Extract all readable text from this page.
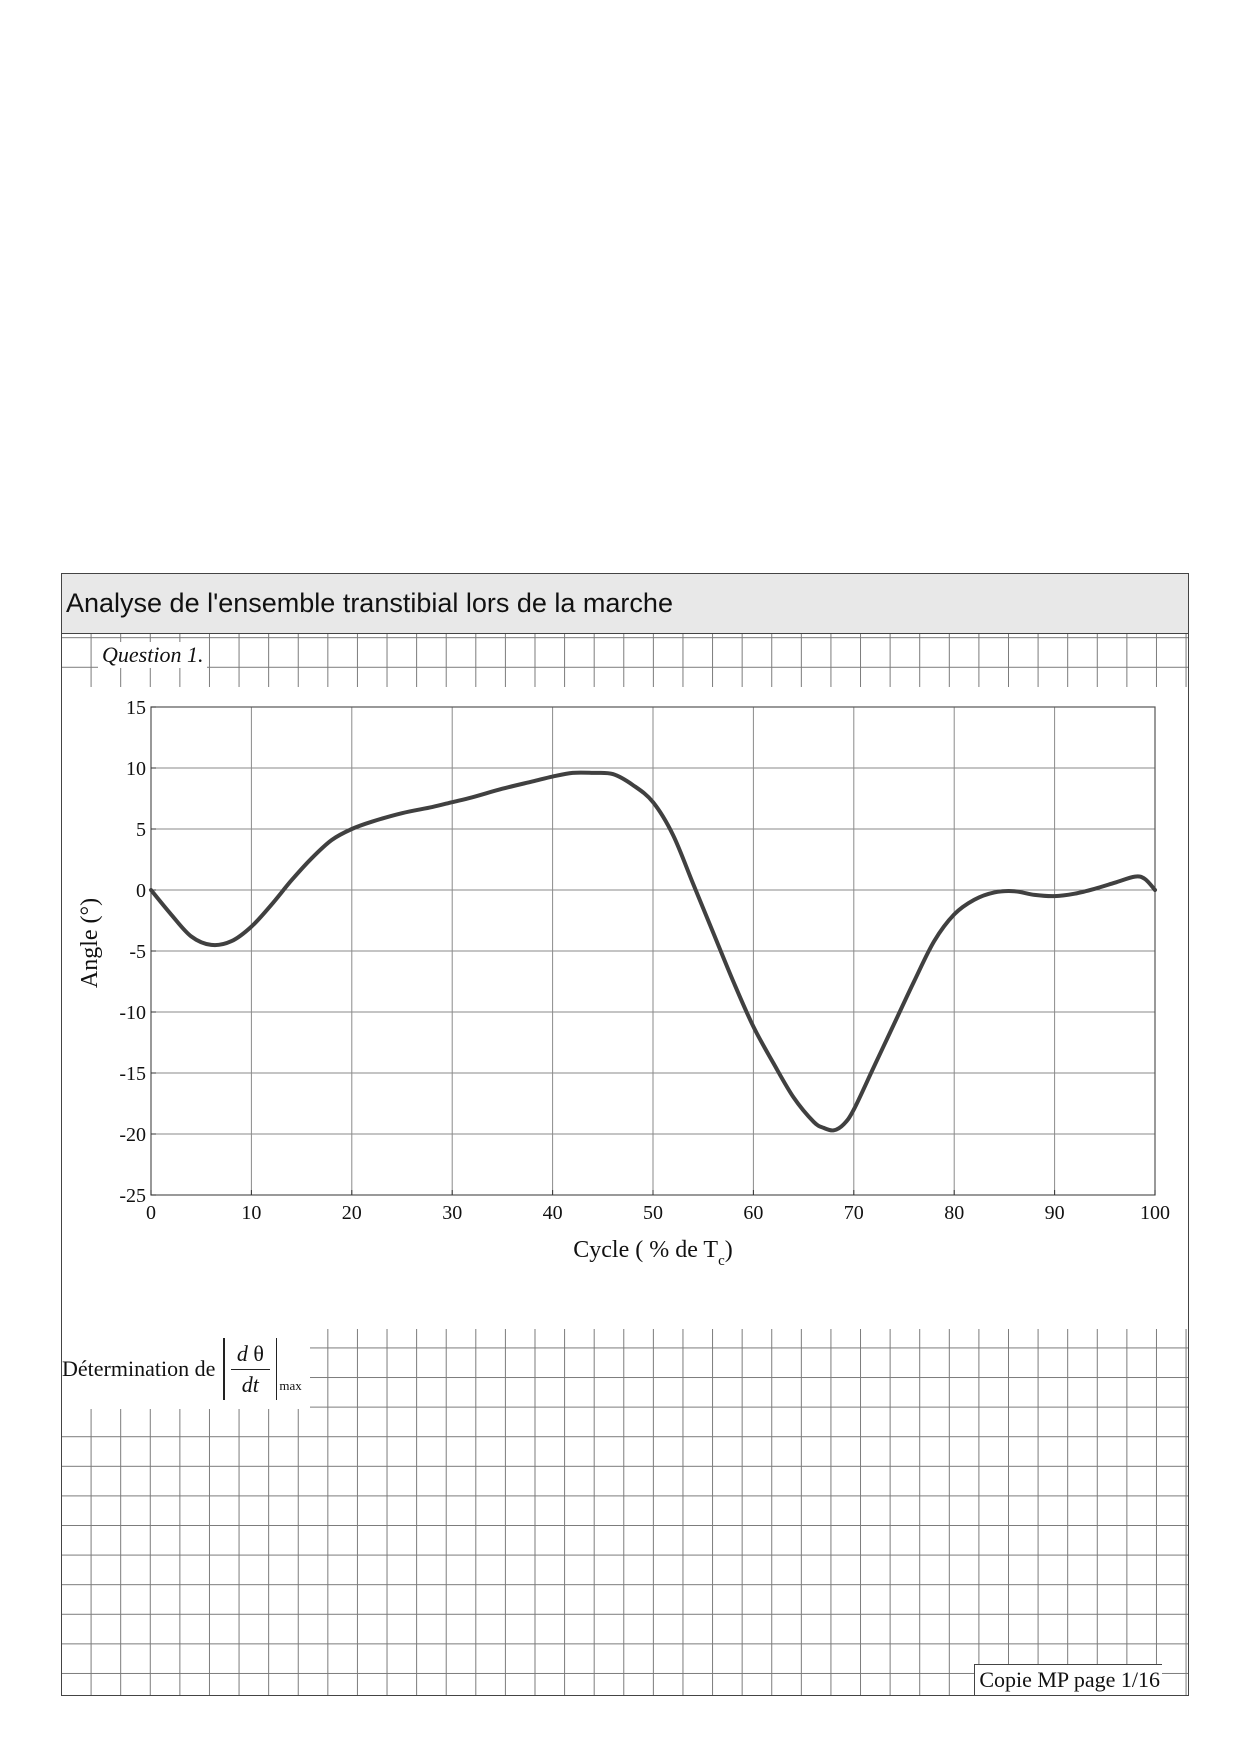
Analyse de l'ensemble transtibial lors de la marche
Question 1.
0	10	20	30	40	50	60	70	80	90	100
15
10
5
0
-5
-10
-15
-20
-25
Cycle ( % de $T_c$)
Angle (°)
Détermination de $\frac{\text{d θ}}{dt}$ max
Copie MP page 1/16
